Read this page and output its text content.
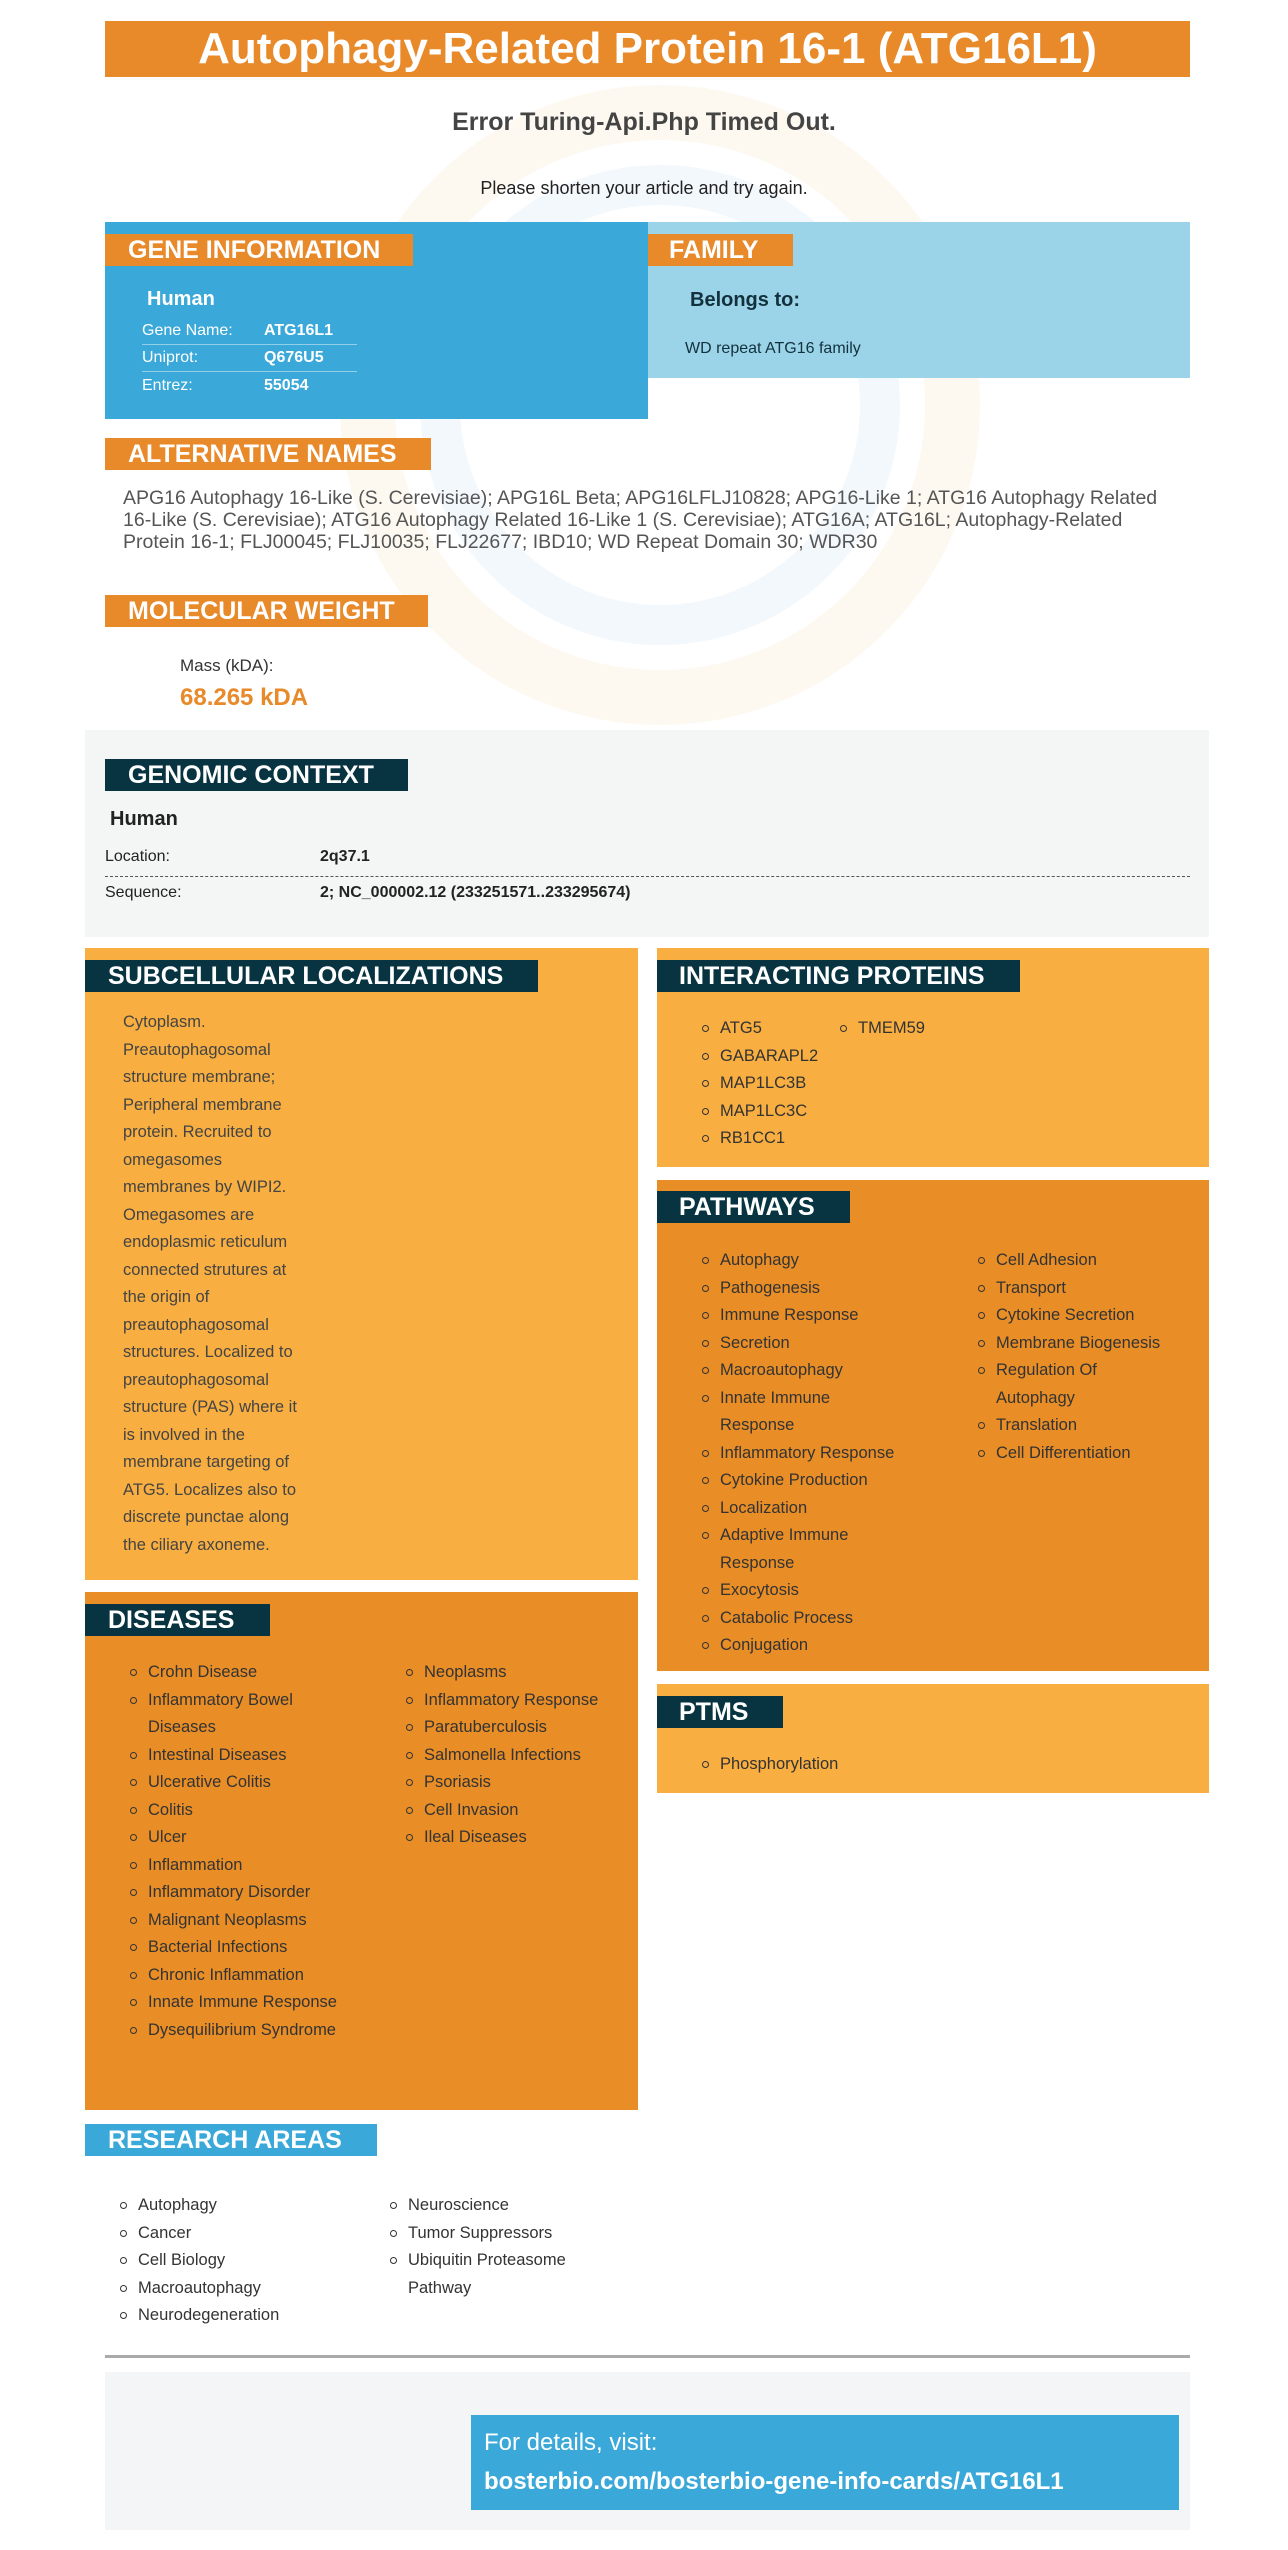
Autophagy-Related Protein 16-1 (ATG16L1)
Error Turing-Api.Php Timed Out.
Please shorten your article and try again.
GENE INFORMATION
Human
Gene Name:	ATG16L1
Uniprot:	Q676U5
Entrez:	55054
FAMILY
Belongs to:
WD repeat ATG16 family
ALTERNATIVE NAMES
APG16 Autophagy 16-Like (S. Cerevisiae); APG16L Beta; APG16LFLJ10828; APG16-Like 1; ATG16 Autophagy Related 16-Like (S. Cerevisiae); ATG16 Autophagy Related 16-Like 1 (S. Cerevisiae); ATG16A; ATG16L; Autophagy-Related Protein 16-1; FLJ00045; FLJ10035; FLJ22677; IBD10; WD Repeat Domain 30; WDR30
MOLECULAR WEIGHT
Mass (kDA):
68.265 kDA
GENOMIC CONTEXT
Human
Location:	2q37.1
Sequence:	2; NC_000002.12 (233251571..233295674)
SUBCELLULAR LOCALIZATIONS
Cytoplasm.
Preautophagosomal
structure membrane;
Peripheral membrane
protein. Recruited to
omegasomes
membranes by WIPI2.
Omegasomes are
endoplasmic reticulum
connected strutures at
the origin of
preautophagosomal
structures. Localized to
preautophagosomal
structure (PAS) where it
is involved in the
membrane targeting of
ATG5. Localizes also to
discrete punctae along
the ciliary axoneme.
INTERACTING PROTEINS
ATG5
GABARAPL2
MAP1LC3B
MAP1LC3C
RB1CC1
TMEM59
PATHWAYS
Autophagy
Pathogenesis
Immune Response
Secretion
Macroautophagy
Innate Immune Response
Inflammatory Response
Cytokine Production
Localization
Adaptive Immune Response
Exocytosis
Catabolic Process
Conjugation
Cell Adhesion
Transport
Cytokine Secretion
Membrane Biogenesis
Regulation Of Autophagy
Translation
Cell Differentiation
DISEASES
Crohn Disease
Inflammatory Bowel Diseases
Intestinal Diseases
Ulcerative Colitis
Colitis
Ulcer
Inflammation
Inflammatory Disorder
Malignant Neoplasms
Bacterial Infections
Chronic Inflammation
Innate Immune Response
Dysequilibrium Syndrome
Neoplasms
Inflammatory Response
Paratuberculosis
Salmonella Infections
Psoriasis
Cell Invasion
Ileal Diseases
PTMS
Phosphorylation
RESEARCH AREAS
Autophagy
Cancer
Cell Biology
Macroautophagy
Neurodegeneration
Neuroscience
Tumor Suppressors
Ubiquitin Proteasome Pathway
For details, visit:
bosterbio.com/bosterbio-gene-info-cards/ATG16L1
